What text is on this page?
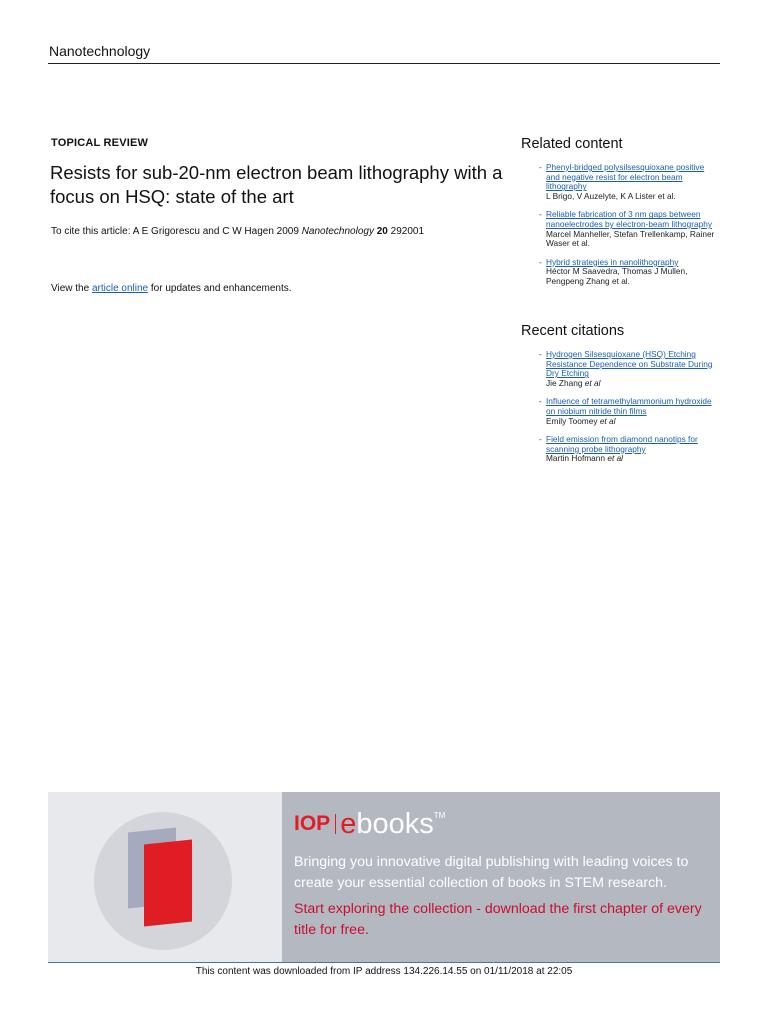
Nanotechnology
TOPICAL REVIEW
Resists for sub-20-nm electron beam lithography with a focus on HSQ: state of the art
To cite this article: A E Grigorescu and C W Hagen 2009 Nanotechnology 20 292001
View the article online for updates and enhancements.
Related content
- Phenyl-bridged polysilsesquioxane positive and negative resist for electron beam lithography
L Brigo, V Auzelyte, K A Lister et al.
- Reliable fabrication of 3 nm gaps between nanoelectrodes by electron-beam lithography
Marcel Manheller, Stefan Trellenkamp, Rainer Waser et al.
- Hybrid strategies in nanolithography
Héctor M Saavedra, Thomas J Mullen, Pengpeng Zhang et al.
Recent citations
- Hydrogen Silsesquioxane (HSQ) Etching Resistance Dependence on Substrate During Dry Etching
Jie Zhang et al
- Influence of tetramethylammonium hydroxide on niobium nitride thin films
Emily Toomey et al
- Field emission from diamond nanotips for scanning probe lithography
Martin Hofmann et al
IOP ebooks™
Bringing you innovative digital publishing with leading voices to create your essential collection of books in STEM research.
Start exploring the collection - download the first chapter of every title for free.
This content was downloaded from IP address 134.226.14.55 on 01/11/2018 at 22:05
